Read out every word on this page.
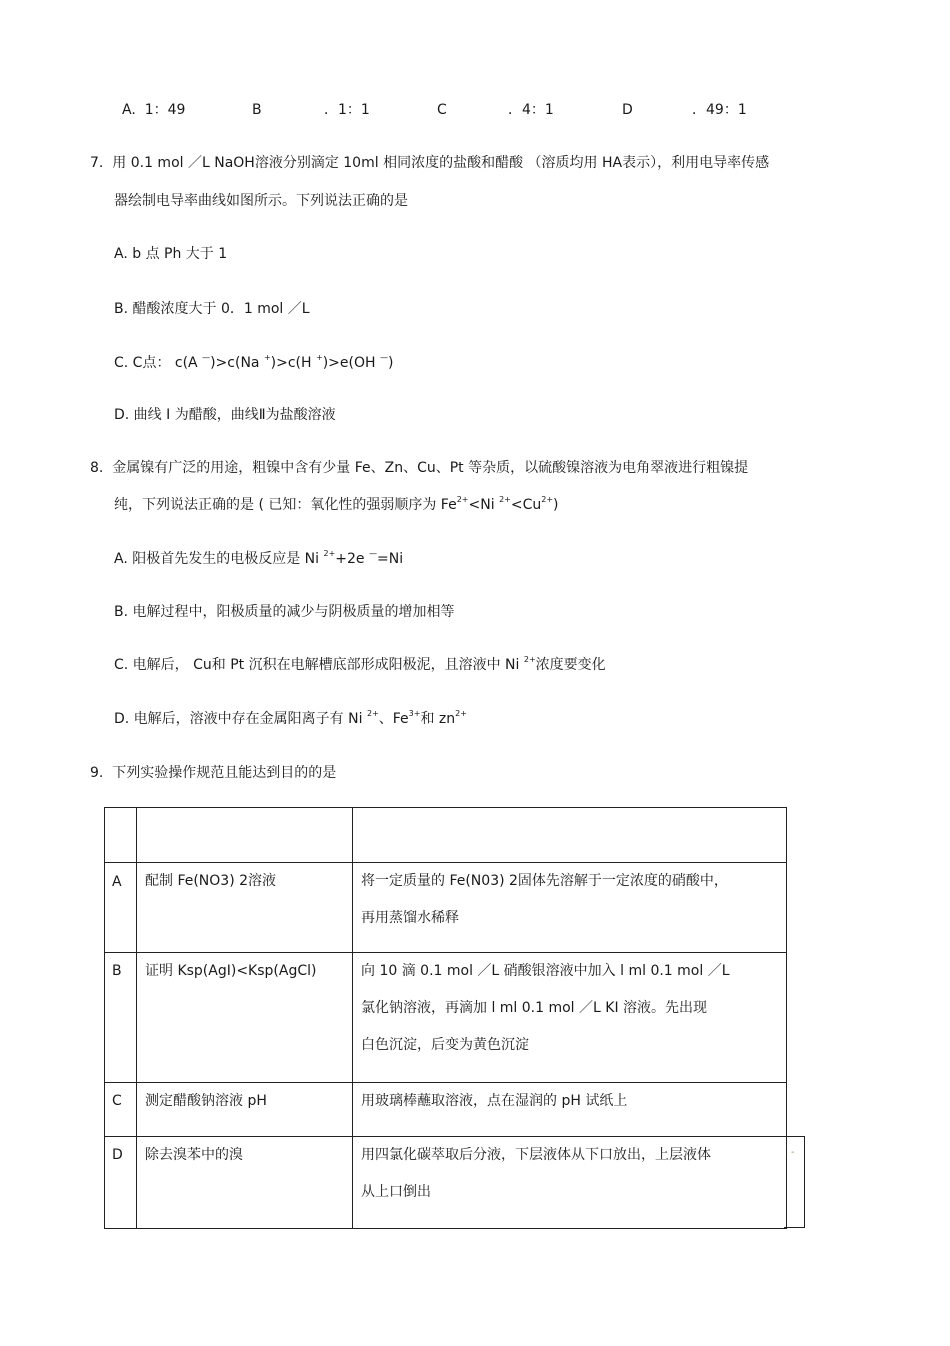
A. 1：49	B	．1：1	C	．4：1	D	．49：1
7. 用 0.1 mol ／L NaOH溶液分别滴定 10ml 相同浓度的盐酸和醋酸 （溶质均用 HA表示），利用电导率传感
器绘制电导率曲线如图所示。下列说法正确的是
A. b 点 Ph 大于 1
B. 醋酸浓度大于 0．1 mol ／L
C. C点： c(A —)>c(Na +)>c(H +)>e(OH —)
D. 曲线 I 为醋酸，曲线Ⅱ为盐酸溶液
8. 金属镍有广泛的用途，粗镍中含有少量 Fe、Zn、Cu、Pt 等杂质，以硫酸镍溶液为电角翠液进行粗镍提
纯，下列说法正确的是 ( 已知：氧化性的强弱顺序为 $Fe^{2+}<Ni$ $^{2+}<Cu^{2+}$)
A. 阳极首先发生的电极反应是 Ni $^{2+}$+2e —=Ni
B. 电解过程中，阳极质量的减少与阴极质量的增加相等
C. 电解后， Cu和 Pt 沉积在电解槽底部形成阳极泥，且溶液中 Ni $^{2+}$浓度要变化
D. 电解后，溶液中存在金属阳离子有 Ni $^{2+}$、$Fe^{3+}$和 $zn^{2+}$
9. 下列实验操作规范且能达到目的的是

A	配制 Fe(NO3) 2溶液	将一定质量的 Fe(N03) 2固体先溶解于一定浓度的硝酸中，
再用蒸馏水稀释

B	证明 Ksp(AgI)<Ksp(AgCl)	向 10 滴 0.1 mol ／L 硝酸银溶液中加入 l ml 0.1 mol ／L
氯化钠溶液，再滴加 l ml 0.1 mol ／L KI 溶液。先出现
白色沉淀，后变为黄色沉淀

C	测定醋酸钠溶液 pH	用玻璃棒蘸取溶液，点在湿润的 pH 试纸上

D	除去溴苯中的溴	用四氯化碳萃取后分液，下层液体从下口放出，上层液体
从上口倒出
-
